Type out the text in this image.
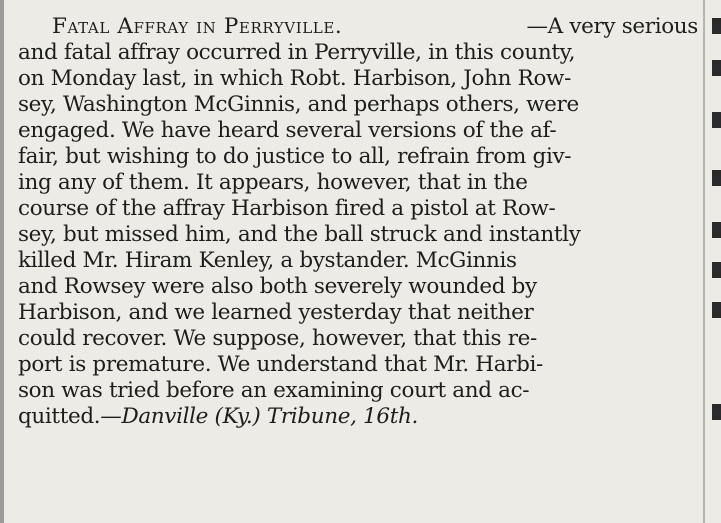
Fatal Affray in Perryville.	—A very serious
and fatal affray occurred in Perryville, in this county,
on Monday last, in which Robt. Harbison, John Row-
sey, Washington McGinnis, and perhaps others, were
engaged. We have heard several versions of the af-
fair, but wishing to do justice to all, refrain from giv-
ing any of them. It appears, however, that in the
course of the affray Harbison fired a pistol at Row-
sey, but missed him, and the ball struck and instantly
killed Mr. Hiram Kenley, a bystander. McGinnis
and Rowsey were also both severely wounded by
Harbison, and we learned yesterday that neither
could recover. We suppose, however, that this re-
port is premature. We understand that Mr. Harbi-
son was tried before an examining court and ac-
quitted. —Danville (Ky.) Tribune, 16th.
